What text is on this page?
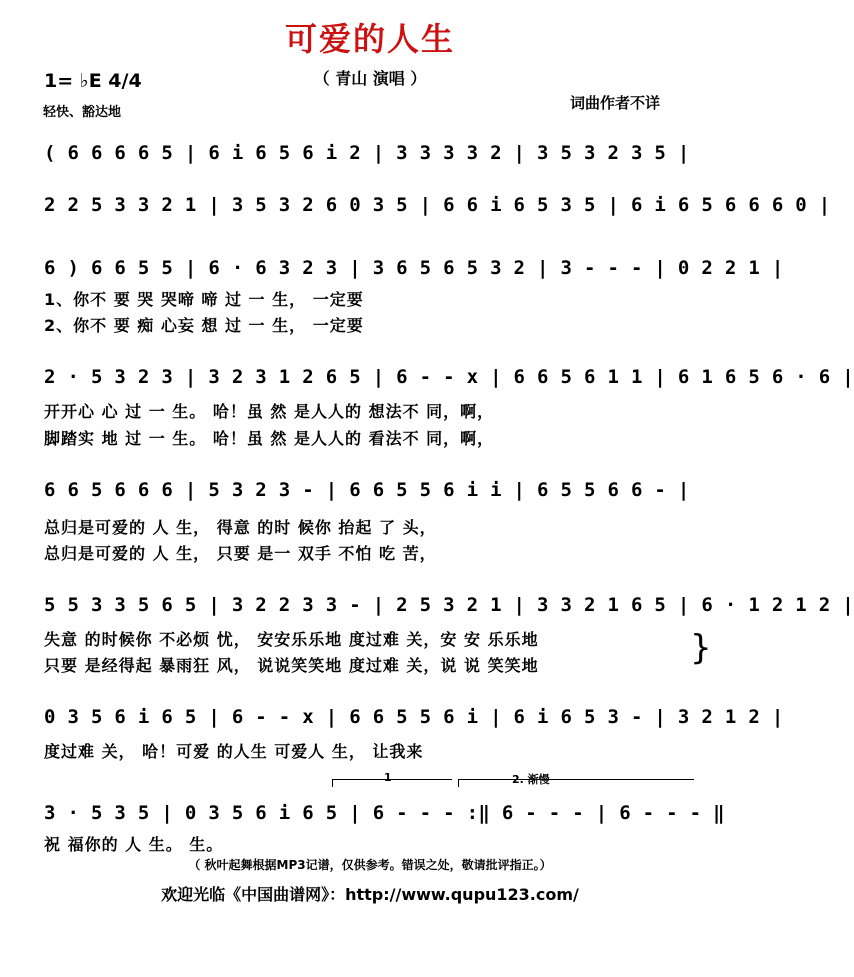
可爱的人生
（ 青山 演唱 ）
1= ♭E 4/4
轻快、豁达地
词曲作者不详
( 6 6 6 6 5 | 6 i 6 5 6 i 2 | 3 3 3 3 2 | 3 5 3 2 3 5 |
2 2 5 3 3 2 1 | 3 5 3 2 6 0 3 5 | 6 6 i 6 5 3 5 | 6 i 6 5 6 6 6 0 |
6 ) 6 6 5 5 | 6 · 6 3 2 3 | 3 6 5 6 5 3 2 | 3 - - - | 0 2 2 1 |
1、你不 要 哭 哭啼 啼 过 一 生， 一定要
2、你不 要 痴 心妄 想 过 一 生， 一定要
2 · 5 3 2 3 | 3 2 3 1 2 6 5 | 6 - - x | 6 6 5 6 1 1 | 6 1 6 5 6 · 6 |
开开心 心 过 一 生。 哈！虽 然 是人人的 想法不 同，啊，
脚踏实 地 过 一 生。 哈！虽 然 是人人的 看法不 同，啊，
6 6 5 6 6 6 | 5 3 2 3 - | 6 6 5 5 6 i i | 6 5 5 6 6 - |
总归是可爱的 人 生， 得意 的时 候你 抬起 了 头，
总归是可爱的 人 生， 只要 是一 双手 不怕 吃 苦，
5 5 3 3 5 6 5 | 3 2 2 3 3 - | 2 5 3 2 1 | 3 3 2 1 6 5 | 6 · 1 2 1 2 |
失意 的时候你 不必烦 忧， 安安乐乐地 度过难 关，安 安 乐乐地
只要 是经得起 暴雨狂 风， 说说笑笑地 度过难 关，说 说 笑笑地	}
0 3 5 6 i 6 5 | 6 - - x | 6 6 5 5 6 i | 6 i 6 5 3 - | 3 2 1 2 |
度过难 关， 哈！可爱 的人生 可爱人 生， 让我来
1	2. 渐慢
3 · 5 3 5 | 0 3 5 6 i 6 5 | 6 - - - :‖ 6 - - - | 6 - - - ‖
祝 福你的 人 生。 生。
（ 秋叶起舞根据MP3记谱，仅供参考。错误之处，敬请批评指正。）
欢迎光临《中国曲谱网》：http://www.qupu123.com/
